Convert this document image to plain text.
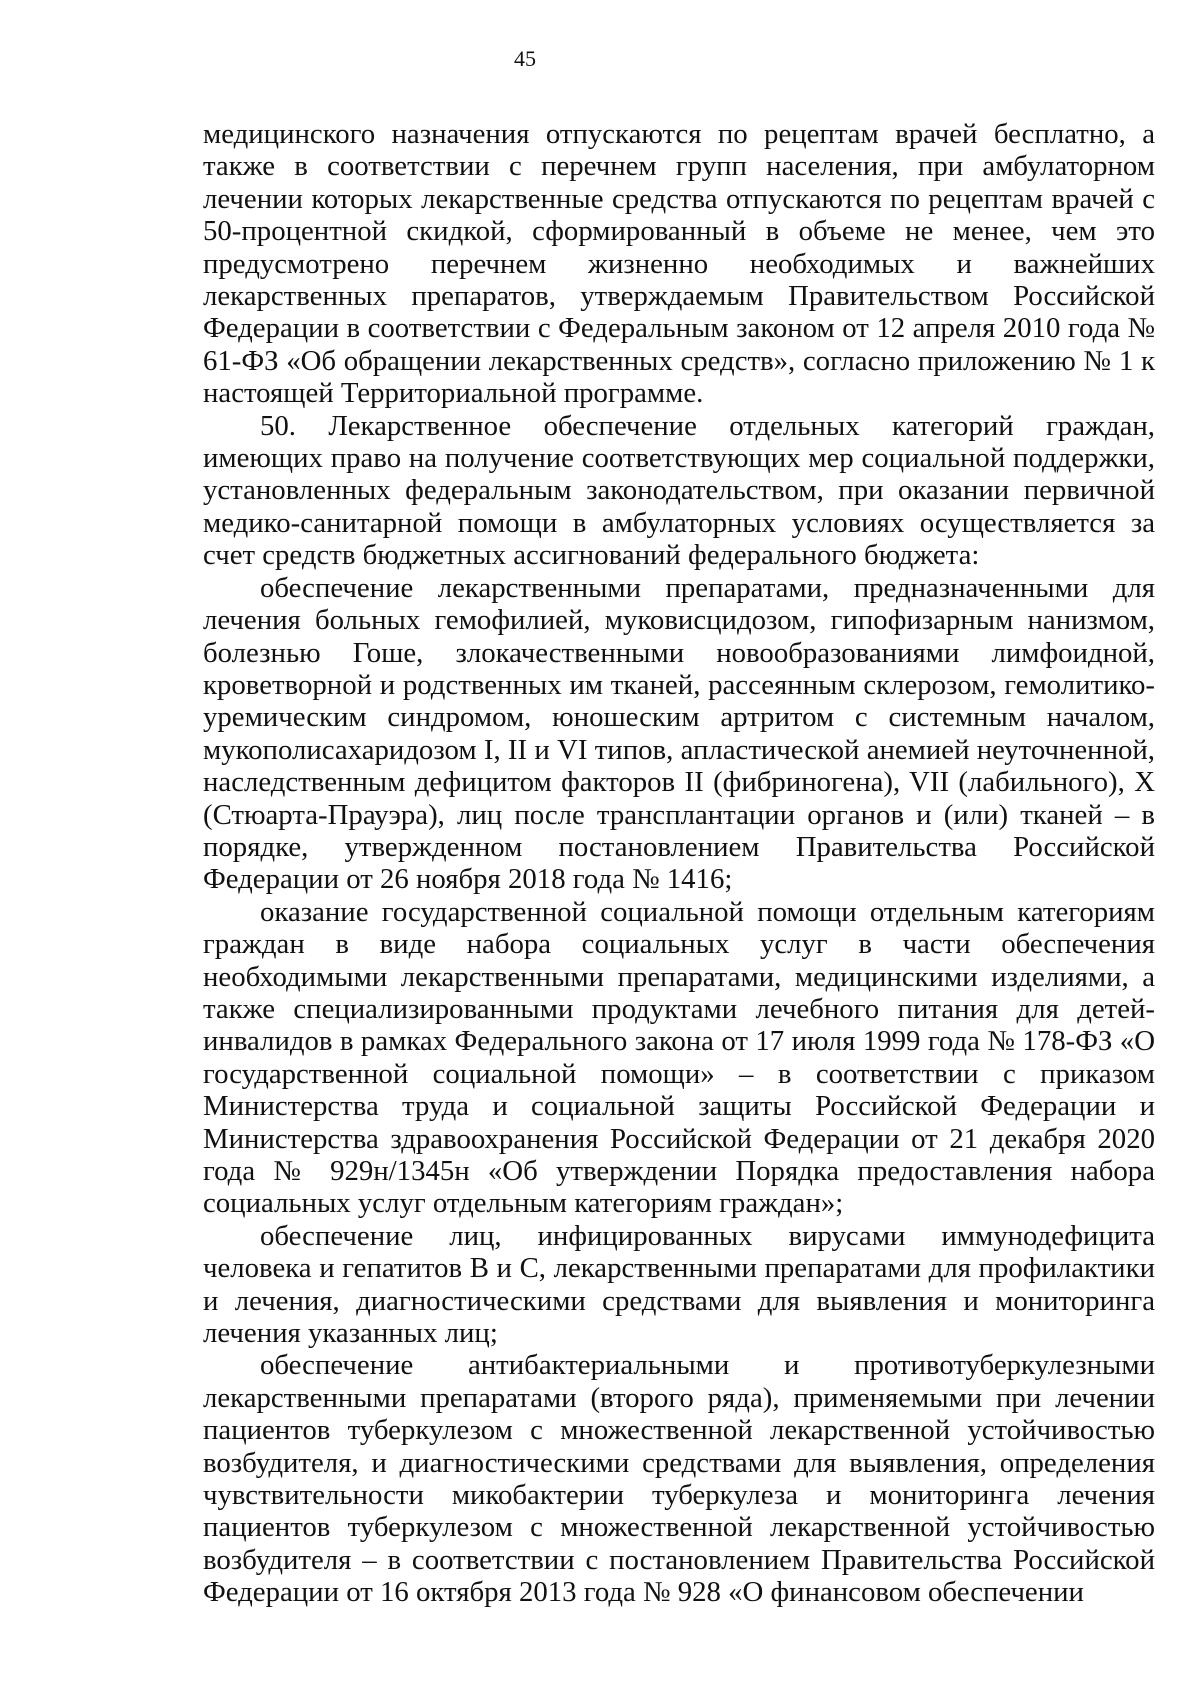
45

медицинского назначения отпускаются по рецептам врачей бесплатно, а также в соответствии с перечнем групп населения, при амбулаторном лечении которых лекарственные средства отпускаются по рецептам врачей с 50-процентной скидкой, сформированный в объеме не менее, чем это предусмотрено перечнем жизненно необходимых и важнейших лекарственных препаратов, утверждаемым Правительством Российской Федерации в соответствии с Федеральным законом от 12 апреля 2010 года № 61-ФЗ «Об обращении лекарственных средств», согласно приложению № 1 к настоящей Территориальной программе.

50. Лекарственное обеспечение отдельных категорий граждан, имеющих право на получение соответствующих мер социальной поддержки, установленных федеральным законодательством, при оказании первичной медико-санитарной помощи в амбулаторных условиях осуществляется за счет средств бюджетных ассигнований федерального бюджета:

обеспечение лекарственными препаратами, предназначенными для лечения больных гемофилией, муковисцидозом, гипофизарным нанизмом, болезнью Гоше, злокачественными новообразованиями лимфоидной, кроветворной и родственных им тканей, рассеянным склерозом, гемолитико-уремическим синдромом, юношеским артритом с системным началом, мукополисахаридозом I, II и VI типов, апластической анемией неуточненной, наследственным дефицитом факторов II (фибриногена), VII (лабильного), X (Стюарта-Прауэра), лиц после трансплантации органов и (или) тканей – в порядке, утвержденном постановлением Правительства Российской Федерации от 26 ноября 2018 года № 1416;

оказание государственной социальной помощи отдельным категориям граждан в виде набора социальных услуг в части обеспечения необходимыми лекарственными препаратами, медицинскими изделиями, а также специализированными продуктами лечебного питания для детей-инвалидов в рамках Федерального закона от 17 июля 1999 года № 178-ФЗ «О государственной социальной помощи» – в соответствии с приказом Министерства труда и социальной защиты Российской Федерации и Министерства здравоохранения Российской Федерации от 21 декабря 2020 года № 929н/1345н «Об утверждении Порядка предоставления набора социальных услуг отдельным категориям граждан»;

обеспечение лиц, инфицированных вирусами иммунодефицита человека и гепатитов B и C, лекарственными препаратами для профилактики и лечения, диагностическими средствами для выявления и мониторинга лечения указанных лиц;

обеспечение антибактериальными и противотуберкулезными лекарственными препаратами (второго ряда), применяемыми при лечении пациентов туберкулезом с множественной лекарственной устойчивостью возбудителя, и диагностическими средствами для выявления, определения чувствительности микобактерии туберкулеза и мониторинга лечения пациентов туберкулезом с множественной лекарственной устойчивостью возбудителя – в соответствии с постановлением Правительства Российской Федерации от 16 октября 2013 года № 928 «О финансовом обеспечении
